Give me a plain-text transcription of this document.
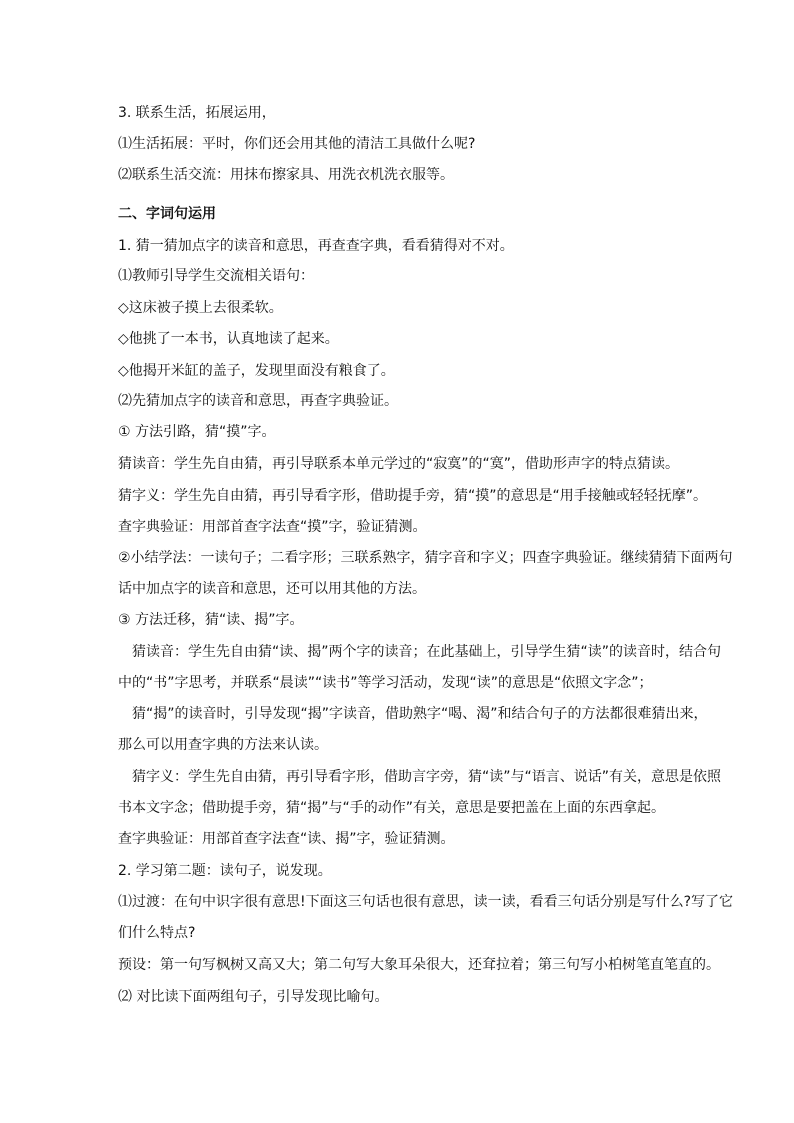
3. 联系生活，拓展运用，
⑴生活拓展：平时，你们还会用其他的清洁工具做什么呢?
⑵联系生活交流：用抹布擦家具、用洗衣机洗衣服等。
二、字词句运用
1. 猜一猜加点字的读音和意思，再查查字典，看看猜得对不对。
⑴教师引导学生交流相关语句：
◇这床被子摸上去很柔软。
◇他挑了一本书，认真地读了起来。
◇他揭开米缸的盖子，发现里面没有粮食了。
⑵先猜加点字的读音和意思，再查字典验证。
① 方法引路，猜“摸”字。
猜读音：学生先自由猜，再引导联系本单元学过的“寂寞”的“寞”，借助形声字的特点猜读。
猜字义：学生先自由猜，再引导看字形，借助提手旁，猜“摸”的意思是“用手接触或轻轻抚摩”。
查字典验证：用部首查字法查“摸”字，验证猜测。
②小结学法：一读句子；二看字形；三联系熟字，猜字音和字义；四查字典验证。继续猜猜下面两句
话中加点字的读音和意思，还可以用其他的方法。
③ 方法迁移，猜“读、揭”字。
猜读音：学生先自由猜“读、揭”两个字的读音；在此基础上，引导学生猜“读”的读音时，结合句
中的“书”字思考，并联系“晨读”“读书”等学习活动，发现“读”的意思是“依照文字念”；
猜“揭”的读音时，引导发现“揭”字读音，借助熟字“喝、渴”和结合句子的方法都很难猜出来，
那么可以用查字典的方法来认读。
猜字义：学生先自由猜，再引导看字形，借助言字旁，猜“读”与“语言、说话”有关，意思是依照
书本文字念；借助提手旁，猜“揭”与“手的动作”有关，意思是要把盖在上面的东西拿起。
查字典验证：用部首查字法查“读、揭”字，验证猜测。
2. 学习第二题：读句子，说发现。
⑴过渡：在句中识字很有意思!下面这三句话也很有意思，读一读，看看三句话分别是写什么?写了它
们什么特点?
预设：第一句写枫树又高又大；第二句写大象耳朵很大，还耷拉着；第三句写小柏树笔直笔直的。
⑵ 对比读下面两组句子，引导发现比喻句。
